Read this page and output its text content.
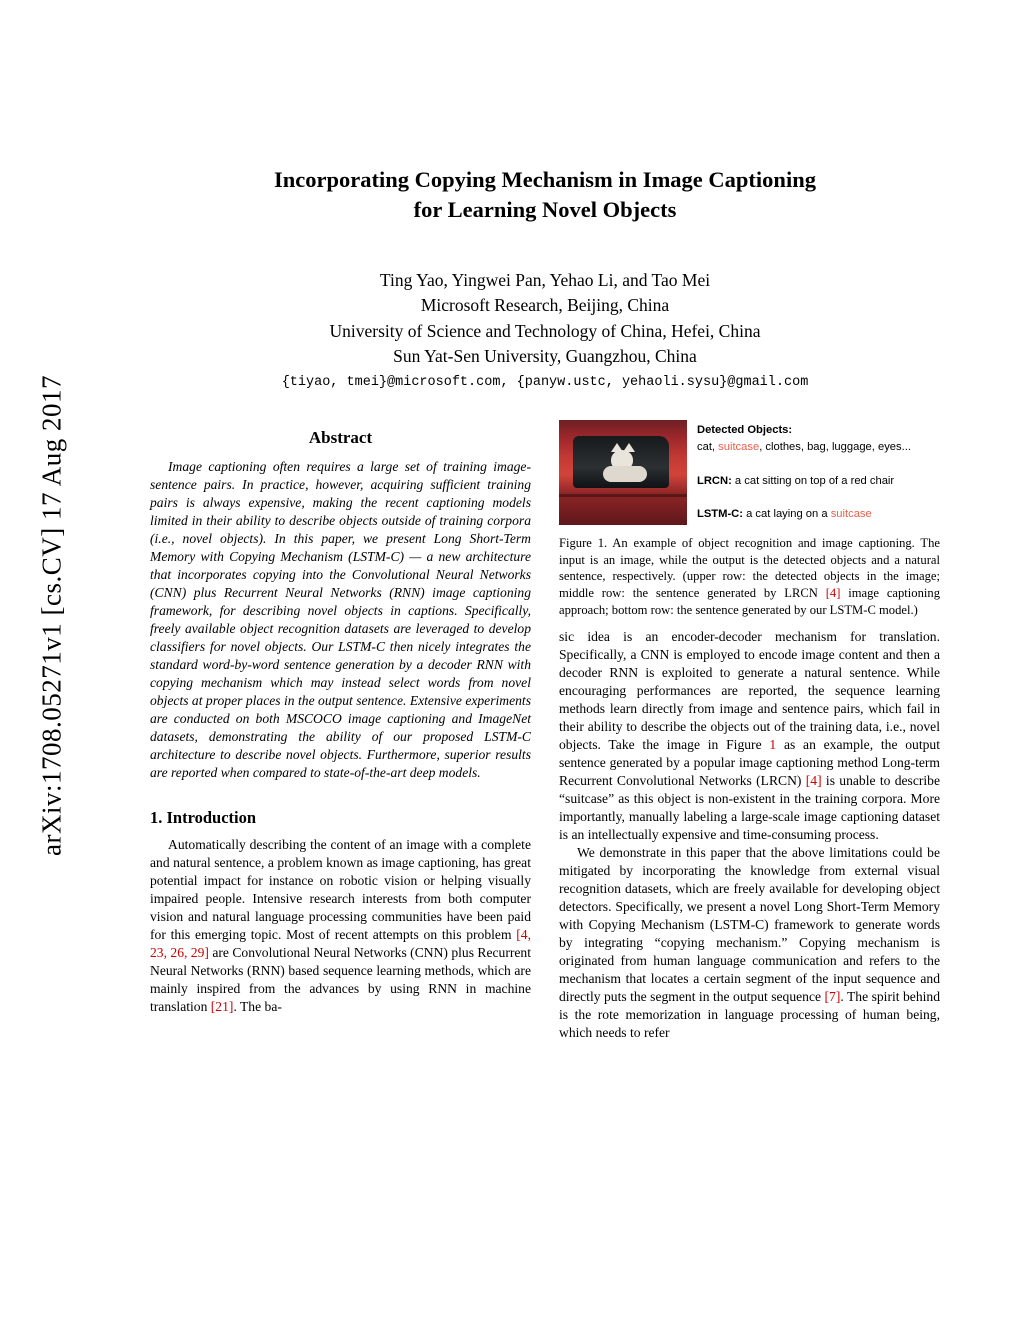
arXiv:1708.05271v1 [cs.CV] 17 Aug 2017
Incorporating Copying Mechanism in Image Captioning
for Learning Novel Objects
Ting Yao, Yingwei Pan, Yehao Li, and Tao Mei
Microsoft Research, Beijing, China
University of Science and Technology of China, Hefei, China
Sun Yat-Sen University, Guangzhou, China
{tiyao, tmei}@microsoft.com, {panyw.ustc, yehaoli.sysu}@gmail.com
Abstract

Image captioning often requires a large set of training image-sentence pairs. In practice, however, acquiring sufficient training pairs is always expensive, making the recent captioning models limited in their ability to describe objects outside of training corpora (i.e., novel objects). In this paper, we present Long Short-Term Memory with Copying Mechanism (LSTM-C) — a new architecture that incorporates copying into the Convolutional Neural Networks (CNN) plus Recurrent Neural Networks (RNN) image captioning framework, for describing novel objects in captions. Specifically, freely available object recognition datasets are leveraged to develop classifiers for novel objects. Our LSTM-C then nicely integrates the standard word-by-word sentence generation by a decoder RNN with copying mechanism which may instead select words from novel objects at proper places in the output sentence. Extensive experiments are conducted on both MSCOCO image captioning and ImageNet datasets, demonstrating the ability of our proposed LSTM-C architecture to describe novel objects. Furthermore, superior results are reported when compared to state-of-the-art deep models.

1. Introduction

Automatically describing the content of an image with a complete and natural sentence, a problem known as image captioning, has great potential impact for instance on robotic vision or helping visually impaired people. Intensive research interests from both computer vision and natural language processing communities have been paid for this emerging topic. Most of recent attempts on this problem [4, 23, 26, 29] are Convolutional Neural Networks (CNN) plus Recurrent Neural Networks (RNN) based sequence learning methods, which are mainly inspired from the advances by using RNN in machine translation [21]. The ba-

Detected Objects:
cat, suitcase, clothes, bag, luggage, eyes...
LRCN: a cat sitting on top of a red chair
LSTM-C: a cat laying on a suitcase
Figure 1. An example of object recognition and image captioning. The input is an image, while the output is the detected objects and a natural sentence, respectively. (upper row: the detected objects in the image; middle row: the sentence generated by LRCN [4] image captioning approach; bottom row: the sentence generated by our LSTM-C model.)

sic idea is an encoder-decoder mechanism for translation. Specifically, a CNN is employed to encode image content and then a decoder RNN is exploited to generate a natural sentence. While encouraging performances are reported, the sequence learning methods learn directly from image and sentence pairs, which fail in their ability to describe the objects out of the training data, i.e., novel objects. Take the image in Figure 1 as an example, the output sentence generated by a popular image captioning method Long-term Recurrent Convolutional Networks (LRCN) [4] is unable to describe “suitcase” as this object is non-existent in the training corpora. More importantly, manually labeling a large-scale image captioning dataset is an intellectually expensive and time-consuming process.

We demonstrate in this paper that the above limitations could be mitigated by incorporating the knowledge from external visual recognition datasets, which are freely available for developing object detectors. Specifically, we present a novel Long Short-Term Memory with Copying Mechanism (LSTM-C) framework to generate words by integrating “copying mechanism.” Copying mechanism is originated from human language communication and refers to the mechanism that locates a certain segment of the input sequence and directly puts the segment in the output sequence [7]. The spirit behind is the rote memorization in language processing of human being, which needs to refer
